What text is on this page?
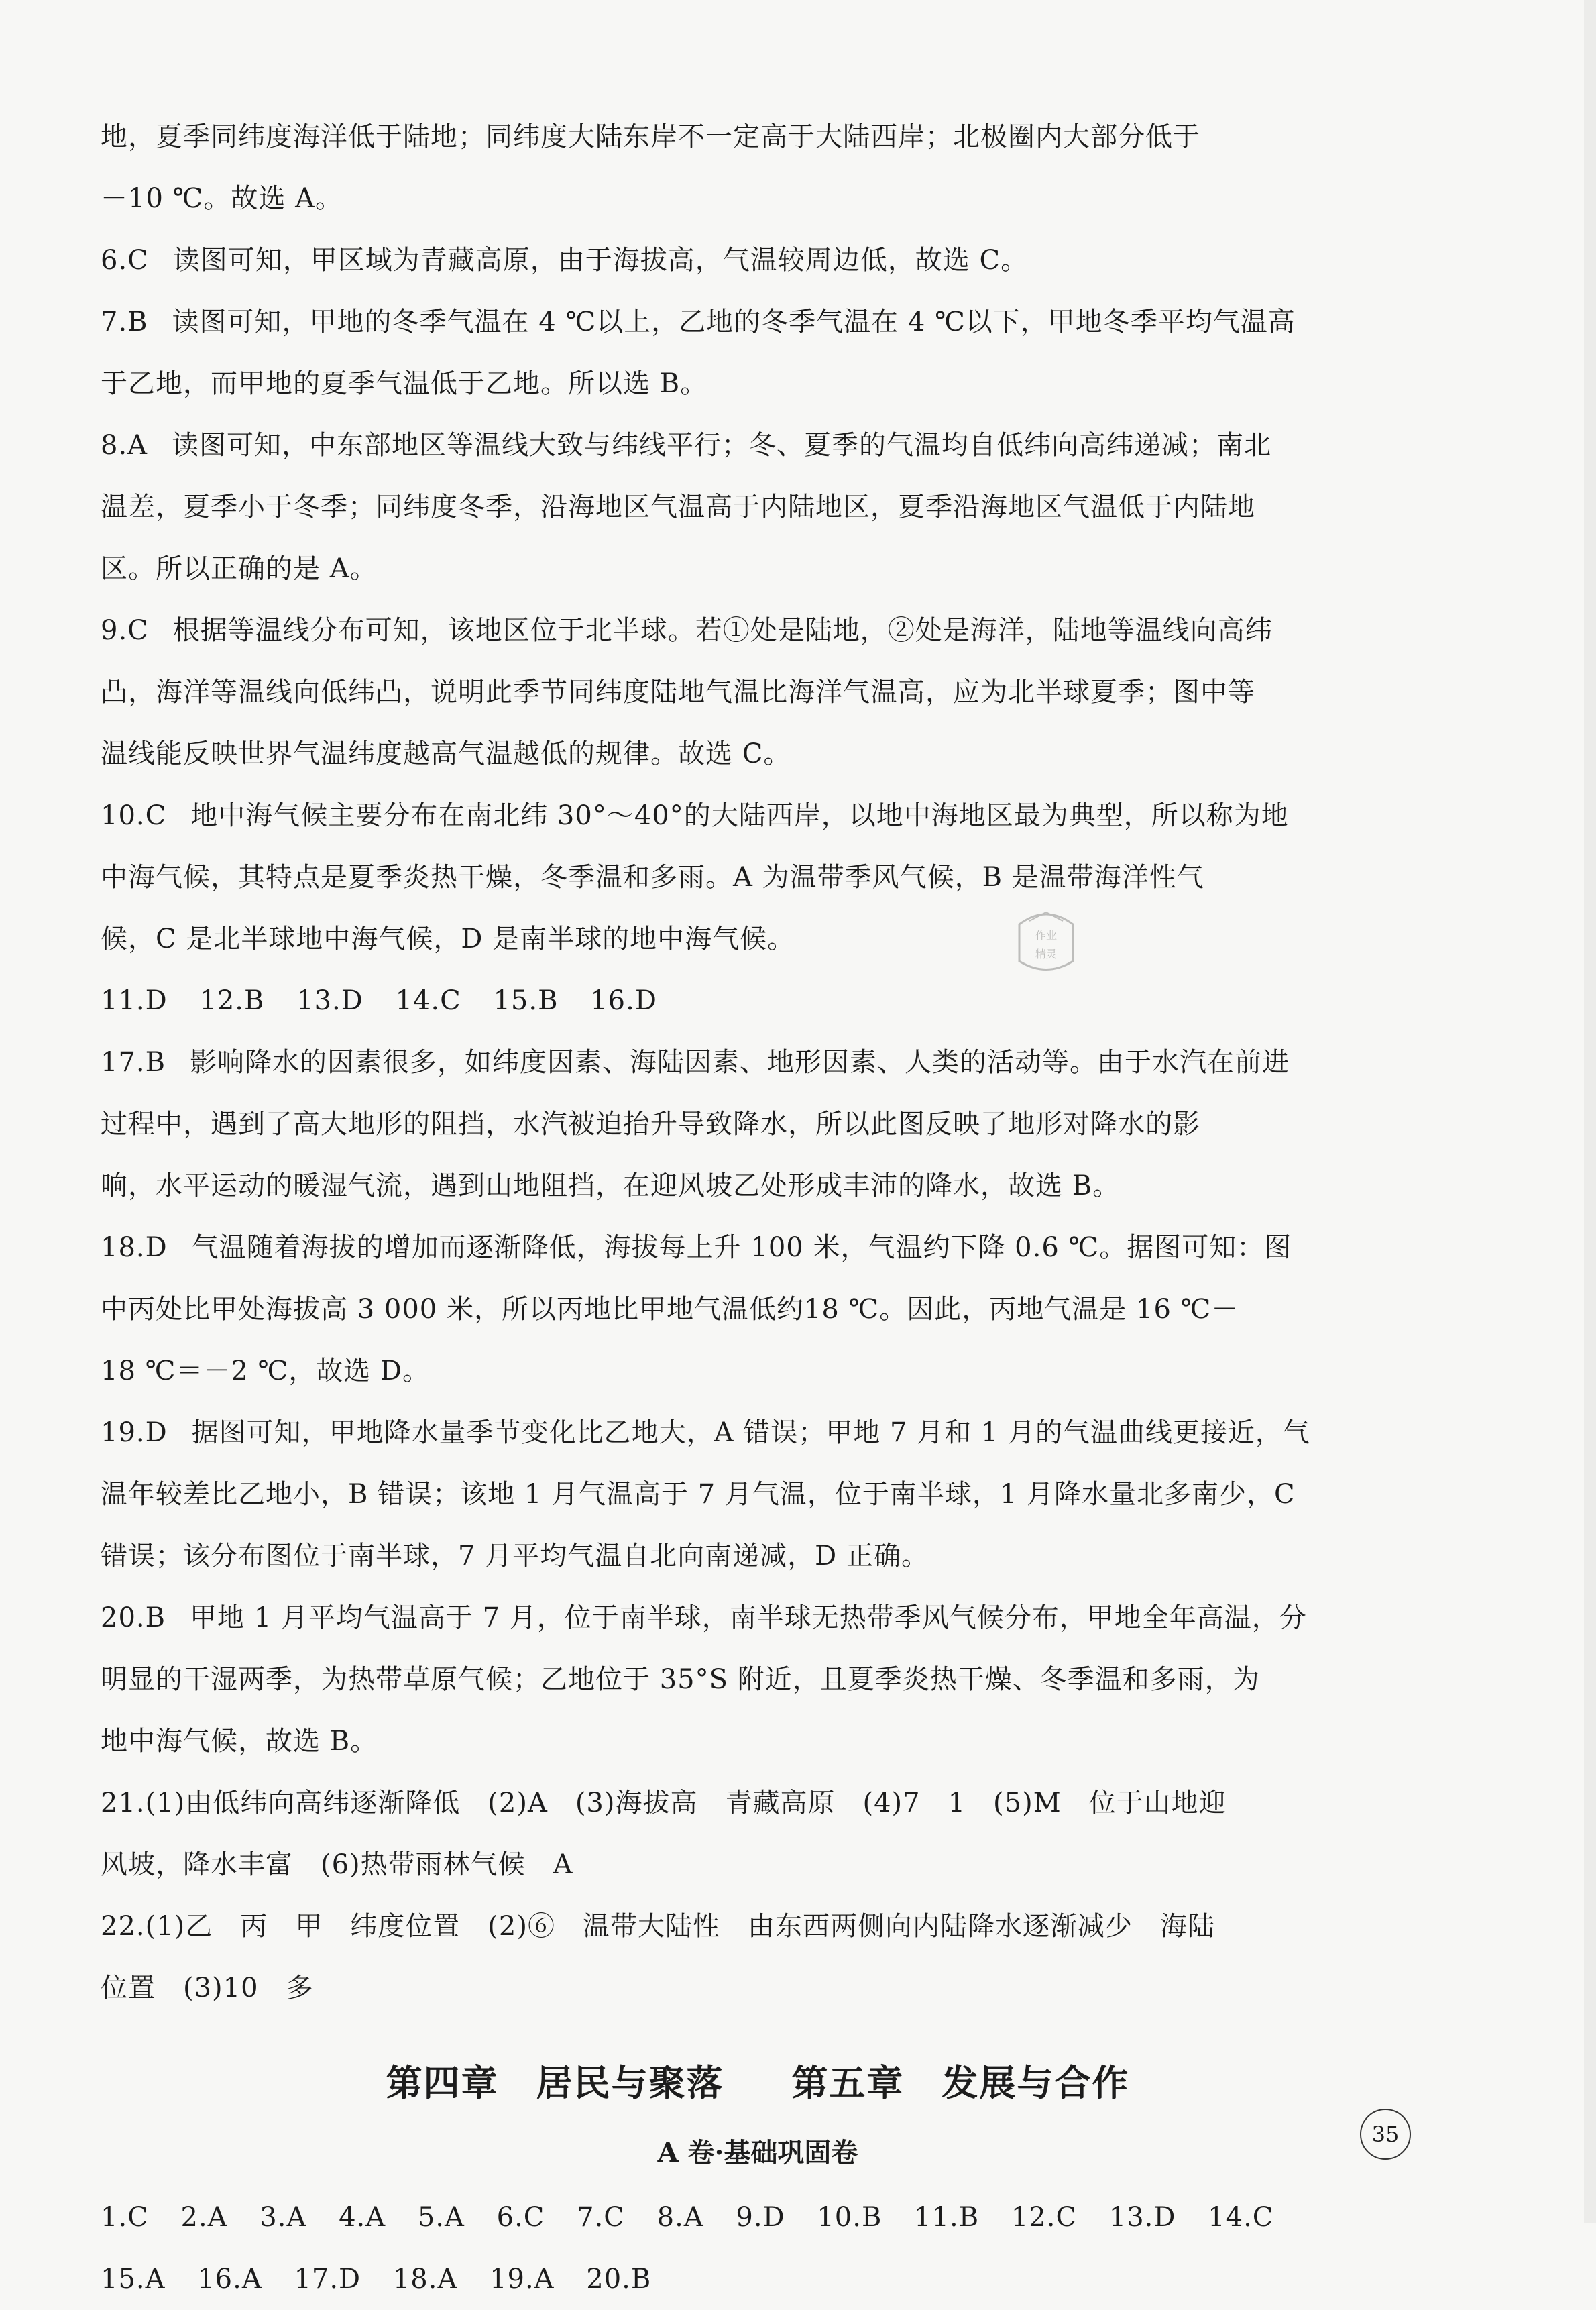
地，夏季同纬度海洋低于陆地；同纬度大陆东岸不一定高于大陆西岸；北极圈内大部分低于
－10 ℃。故选 A。
6.C 读图可知，甲区域为青藏高原，由于海拔高，气温较周边低，故选 C。
7.B 读图可知，甲地的冬季气温在 4 ℃以上，乙地的冬季气温在 4 ℃以下，甲地冬季平均气温高
于乙地，而甲地的夏季气温低于乙地。所以选 B。
8.A 读图可知，中东部地区等温线大致与纬线平行；冬、夏季的气温均自低纬向高纬递减；南北
温差，夏季小于冬季；同纬度冬季，沿海地区气温高于内陆地区，夏季沿海地区气温低于内陆地
区。所以正确的是 A。
9.C 根据等温线分布可知，该地区位于北半球。若①处是陆地，②处是海洋，陆地等温线向高纬
凸，海洋等温线向低纬凸，说明此季节同纬度陆地气温比海洋气温高，应为北半球夏季；图中等
温线能反映世界气温纬度越高气温越低的规律。故选 C。
10.C 地中海气候主要分布在南北纬 30°～40°的大陆西岸，以地中海地区最为典型，所以称为地
中海气候，其特点是夏季炎热干燥，冬季温和多雨。A 为温带季风气候，B 是温带海洋性气
候，C 是北半球地中海气候，D 是南半球的地中海气候。
11.D 12.B 13.D 14.C 15.B 16.D
17.B 影响降水的因素很多，如纬度因素、海陆因素、地形因素、人类的活动等。由于水汽在前进
过程中，遇到了高大地形的阻挡，水汽被迫抬升导致降水，所以此图反映了地形对降水的影
响，水平运动的暖湿气流，遇到山地阻挡，在迎风坡乙处形成丰沛的降水，故选 B。
18.D 气温随着海拔的增加而逐渐降低，海拔每上升 100 米，气温约下降 0.6 ℃。据图可知：图
中丙处比甲处海拔高 3 000 米，所以丙地比甲地气温低约18 ℃。因此，丙地气温是 16 ℃－
18 ℃＝－2 ℃，故选 D。
19.D 据图可知，甲地降水量季节变化比乙地大，A 错误；甲地 7 月和 1 月的气温曲线更接近，气
温年较差比乙地小，B 错误；该地 1 月气温高于 7 月气温，位于南半球，1 月降水量北多南少，C
错误；该分布图位于南半球，7 月平均气温自北向南递减，D 正确。
20.B 甲地 1 月平均气温高于 7 月，位于南半球，南半球无热带季风气候分布，甲地全年高温，分
明显的干湿两季，为热带草原气候；乙地位于 35°S 附近，且夏季炎热干燥、冬季温和多雨，为
地中海气候，故选 B。
21.(1)由低纬向高纬逐渐降低　(2)A　(3)海拔高　青藏高原　(4)7　1　(5)M　位于山地迎
风坡，降水丰富　(6)热带雨林气候　A
22.(1)乙　丙　甲　纬度位置　(2)⑥　温带大陆性　由东西两侧向内陆降水逐渐减少　海陆
位置　(3)10　多
第四章　居民与聚落 第五章　发展与合作
A 卷·基础巩固卷
1.C 2.A 3.A 4.A 5.A 6.C 7.C 8.A 9.D 10.B 11.B 12.C 13.D 14.C
15.A 16.A 17.D 18.A 19.A 20.B
作业
精灵
35
